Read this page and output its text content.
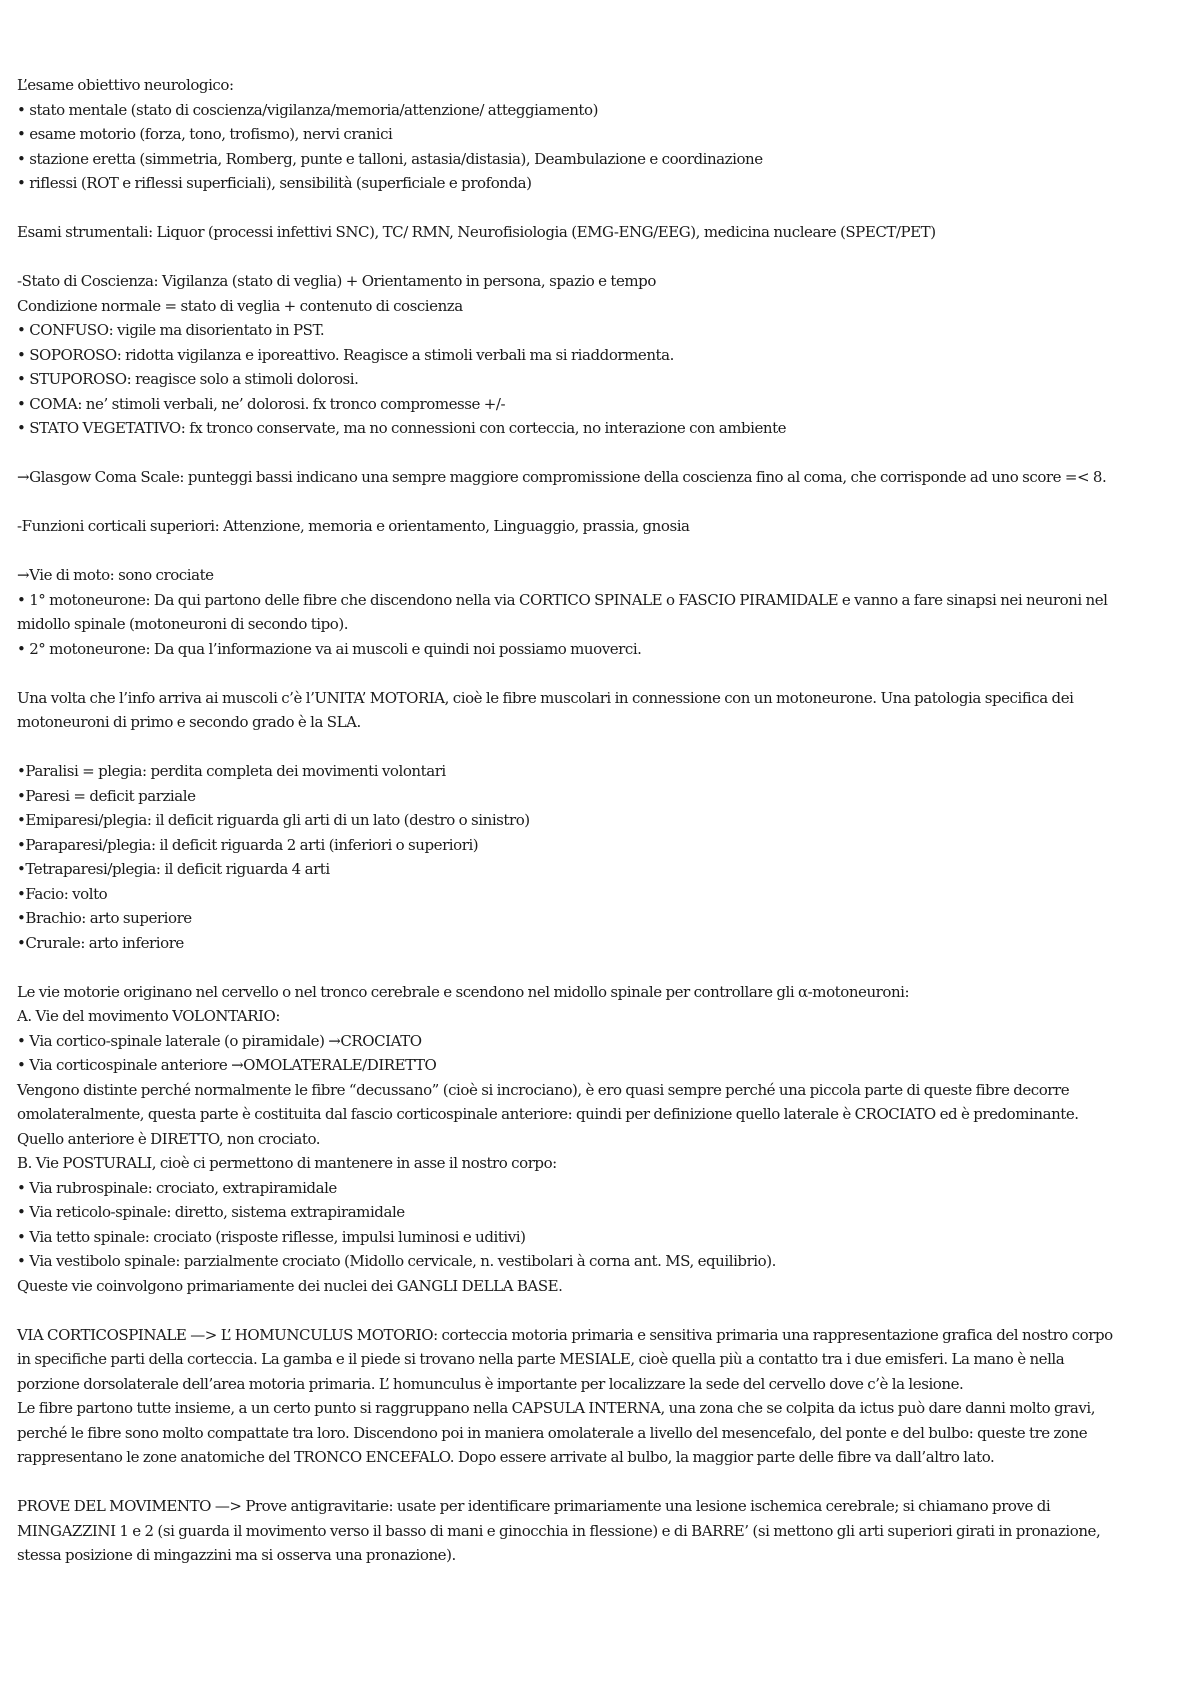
L’esame obiettivo neurologico:
• stato mentale (stato di coscienza/vigilanza/memoria/attenzione/ atteggiamento)
• esame motorio (forza, tono, trofismo), nervi cranici
• stazione eretta (simmetria, Romberg, punte e talloni, astasia/distasia), Deambulazione e coordinazione
• riflessi (ROT e riflessi superficiali), sensibilità (superficiale e profonda)
Esami strumentali: Liquor (processi infettivi SNC), TC/ RMN, Neurofisiologia (EMG-ENG/EEG), medicina nucleare (SPECT/PET)
-Stato di Coscienza: Vigilanza (stato di veglia) + Orientamento in persona, spazio e tempo
Condizione normale = stato di veglia + contenuto di coscienza
• CONFUSO: vigile ma disorientato in PST.
• SOPOROSO: ridotta vigilanza e iporeattivo. Reagisce a stimoli verbali ma si riaddormenta.
• STUPOROSO: reagisce solo a stimoli dolorosi.
• COMA: ne’ stimoli verbali, ne’ dolorosi. fx tronco compromesse +/-
• STATO VEGETATIVO: fx tronco conservate, ma no connessioni con corteccia, no interazione con ambiente
→Glasgow Coma Scale: punteggi bassi indicano una sempre maggiore compromissione della coscienza fino al coma, che corrisponde ad uno score =< 8.
-Funzioni corticali superiori: Attenzione, memoria e orientamento, Linguaggio, prassia, gnosia
→Vie di moto: sono crociate
• 1° motoneurone: Da qui partono delle fibre che discendono nella via CORTICO SPINALE o FASCIO PIRAMIDALE e vanno a fare sinapsi nei neuroni nel
midollo spinale (motoneuroni di secondo tipo).
• 2° motoneurone: Da qua l’informazione va ai muscoli e quindi noi possiamo muoverci.
Una volta che l’info arriva ai muscoli c’è l’UNITA’ MOTORIA, cioè le fibre muscolari in connessione con un motoneurone. Una patologia specifica dei
motoneuroni di primo e secondo grado è la SLA.
•Paralisi = plegia: perdita completa dei movimenti volontari
•Paresi = deficit parziale
•Emiparesi/plegia: il deficit riguarda gli arti di un lato (destro o sinistro)
•Paraparesi/plegia: il deficit riguarda 2 arti (inferiori o superiori)
•Tetraparesi/plegia: il deficit riguarda 4 arti
•Facio: volto
•Brachio: arto superiore
•Crurale: arto inferiore
Le vie motorie originano nel cervello o nel tronco cerebrale e scendono nel midollo spinale per controllare gli α-motoneuroni:
A. Vie del movimento VOLONTARIO:
• Via cortico-spinale laterale (o piramidale) →CROCIATO
• Via corticospinale anteriore →OMOLATERALE/DIRETTO
Vengono distinte perché normalmente le fibre “decussano” (cioè si incrociano), è ero quasi sempre perché una piccola parte di queste fibre decorre
omolateralmente, questa parte è costituita dal fascio corticospinale anteriore: quindi per definizione quello laterale è CROCIATO ed è predominante.
Quello anteriore è DIRETTO, non crociato.
B. Vie POSTURALI, cioè ci permettono di mantenere in asse il nostro corpo:
• Via rubrospinale: crociato, extrapiramidale
• Via reticolo-spinale: diretto, sistema extrapiramidale
• Via tetto spinale: crociato (risposte riflesse, impulsi luminosi e uditivi)
• Via vestibolo spinale: parzialmente crociato (Midollo cervicale, n. vestibolari à corna ant. MS, equilibrio).
Queste vie coinvolgono primariamente dei nuclei dei GANGLI DELLA BASE.
VIA CORTICOSPINALE —> L’ HOMUNCULUS MOTORIO: corteccia motoria primaria e sensitiva primaria una rappresentazione grafica del nostro corpo
in specifiche parti della corteccia. La gamba e il piede si trovano nella parte MESIALE, cioè quella più a contatto tra i due emisferi. La mano è nella
porzione dorsolaterale dell’area motoria primaria. L’ homunculus è importante per localizzare la sede del cervello dove c’è la lesione.
Le fibre partono tutte insieme, a un certo punto si raggruppano nella CAPSULA INTERNA, una zona che se colpita da ictus può dare danni molto gravi,
perché le fibre sono molto compattate tra loro. Discendono poi in maniera omolaterale a livello del mesencefalo, del ponte e del bulbo: queste tre zone
rappresentano le zone anatomiche del TRONCO ENCEFALO. Dopo essere arrivate al bulbo, la maggior parte delle fibre va dall’altro lato.
PROVE DEL MOVIMENTO —> Prove antigravitarie: usate per identificare primariamente una lesione ischemica cerebrale; si chiamano prove di
MINGAZZINI 1 e 2 (si guarda il movimento verso il basso di mani e ginocchia in flessione) e di BARRE’ (si mettono gli arti superiori girati in pronazione,
stessa posizione di mingazzini ma si osserva una pronazione).
